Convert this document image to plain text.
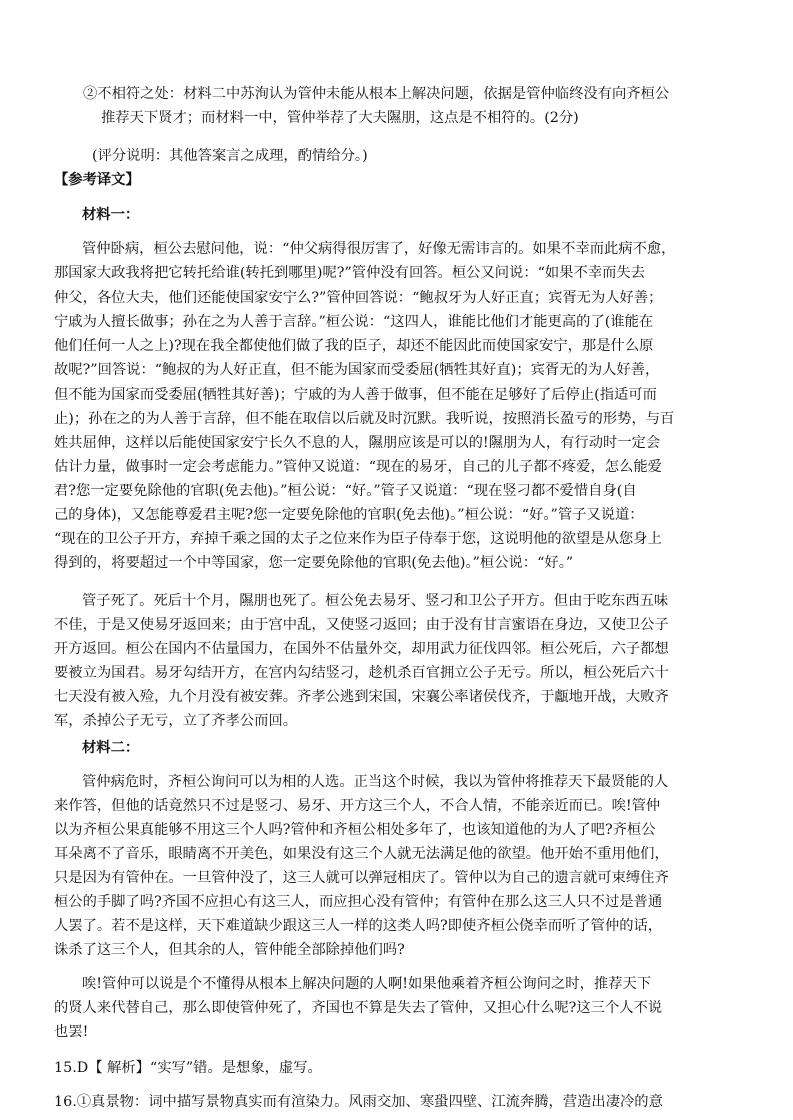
②不相符之处：材料二中苏洵认为管仲未能从根本上解决问题，依据是管仲临终没有向齐桓公
推荐天下贤才；而材料一中，管仲举荐了大夫隰朋，这点是不相符的。(2分)
(评分说明：其他答案言之成理，酌情给分。)
【参考译文】
材料一：
管仲卧病，桓公去慰问他，说：“仲父病得很厉害了，好像无需讳言的。如果不幸而此病不愈，
那国家大政我将把它转托给谁(转托到哪里)呢?”管仲没有回答。桓公又问说：“如果不幸而失去
仲父，各位大夫，他们还能使国家安宁么?”管仲回答说：“鲍叔牙为人好正直；宾胥无为人好善；
宁戚为人擅长做事；孙在之为人善于言辞。”桓公说：“这四人，谁能比他们才能更高的了(谁能在
他们任何一人之上)?现在我全都使他们做了我的臣子，却还不能因此而使国家安宁，那是什么原
故呢?”回答说：“鲍叔的为人好正直，但不能为国家而受委屈(牺牲其好直)；宾胥无的为人好善，
但不能为国家而受委屈(牺牲其好善)；宁戚的为人善于做事，但不能在足够好了后停止(指适可而
止)；孙在之的为人善于言辞，但不能在取信以后就及时沉默。我听说，按照消长盈亏的形势，与百
姓共屈伸，这样以后能使国家安宁长久不息的人，隰朋应该是可以的!隰朋为人，有行动时一定会
估计力量，做事时一定会考虑能力。”管仲又说道：“现在的易牙，自己的儿子都不疼爱，怎么能爱
君?您一定要免除他的官职(免去他)。”桓公说：“好。”管子又说道：“现在竖刁都不爱惜自身(自
己的身体)，又怎能尊爱君主呢?您一定要免除他的官职(免去他)。”桓公说：“好。”管子又说道：
“现在的卫公子开方，弃掉千乘之国的太子之位来作为臣子侍奉于您，这说明他的欲望是从您身上
得到的，将要超过一个中等国家，您一定要免除他的官职(免去他)。”桓公说：“好。”
管子死了。死后十个月，隰朋也死了。桓公免去易牙、竖刁和卫公子开方。但由于吃东西五味
不佳，于是又使易牙返回来；由于宫中乱，又使竖刁返回；由于没有甘言蜜语在身边，又使卫公子
开方返回。桓公在国内不估量国力，在国外不估量外交，却用武力征伐四邻。桓公死后，六子都想
要被立为国君。易牙勾结开方，在宫内勾结竖刁，趁机杀百官拥立公子无亏。所以，桓公死后六十
七天没有被入殓，九个月没有被安葬。齐孝公逃到宋国，宋襄公率诸侯伐齐，于甗地开战，大败齐
军，杀掉公子无亏，立了齐孝公而回。
材料二：
管仲病危时，齐桓公询问可以为相的人选。正当这个时候，我以为管仲将推荐天下最贤能的人
来作答，但他的话竟然只不过是竖刁、易牙、开方这三个人，不合人情，不能亲近而已。唉!管仲
以为齐桓公果真能够不用这三个人吗?管仲和齐桓公相处多年了，也该知道他的为人了吧?齐桓公
耳朵离不了音乐，眼睛离不开美色，如果没有这三个人就无法满足他的欲望。他开始不重用他们，
只是因为有管仲在。一旦管仲没了，这三人就可以弹冠相庆了。管仲以为自己的遗言就可束缚住齐
桓公的手脚了吗?齐国不应担心有这三人，而应担心没有管仲；有管仲在那么这三人只不过是普通
人罢了。若不是这样，天下难道缺少跟这三人一样的这类人吗?即使齐桓公侥幸而听了管仲的话，
诛杀了这三个人，但其余的人，管仲能全部除掉他们吗?
唉!管仲可以说是个不懂得从根本上解决问题的人啊!如果他乘着齐桓公询问之时，推荐天下
的贤人来代替自己，那么即使管仲死了，齐国也不算是失去了管仲，又担心什么呢?这三个人不说
也罢!
15.D【 解析】“实写”错。是想象，虚写。
16.①真景物：词中描写景物真实而有渲染力。风雨交加、寒蛩四壁、江流奔腾，营造出凄冷的意
